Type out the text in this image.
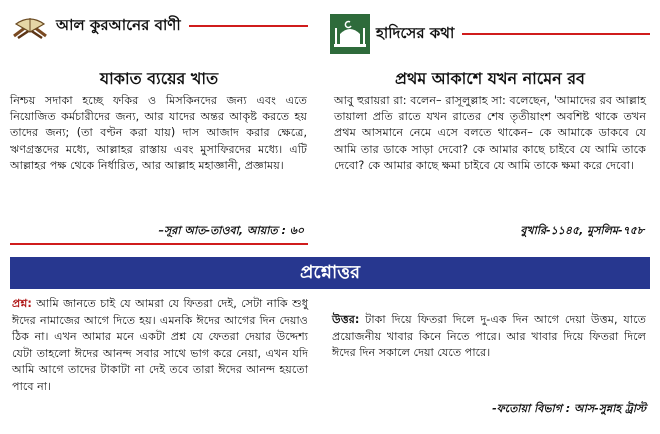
আল কুরআনের বাণী
যাকাত ব্যয়ের খাত
নিশ্চয় সদাকা হচ্ছে ফকির ও মিসকিনদের জন্য এবং এতে নিয়োজিত কর্মচারীদের জন্য, আর যাদের অন্তর আকৃষ্ট করতে হয় তাদের জন্য; (তা বণ্টন করা যায়) দাস আজাদ করার ক্ষেত্রে, ঋণগ্রস্তদের মধ্যে, আল্লাহর রাস্তায় এবং মুসাফিরদের মধ্যে। এটি আল্লাহর পক্ষ থেকে নির্ধারিত, আর আল্লাহ মহাজ্ঞানী, প্রজ্ঞাময়।
–সূরা আত-তাওবা, আয়াত : ৬০
হাদিসের কথা
প্রথম আকাশে যখন নামেন রব
আবু হুরায়রা রা: বলেন– রাসূলুল্লাহ সা: বলেছেন, 'আমাদের রব আল্লাহ তায়ালা প্রতি রাতে যখন রাতের শেষ তৃতীয়াংশ অবশিষ্ট থাকে তখন প্রথম আসমানে নেমে এসে বলতে থাকেন– কে আমাকে ডাকবে যে আমি তার ডাকে সাড়া দেবো? কে আমার কাছে চাইবে যে আমি তাকে দেবো? কে আমার কাছে ক্ষমা চাইবে যে আমি তাকে ক্ষমা করে দেবো।
বুখারি-১১৪৫, মুসলিম-৭৫৮
প্রশ্নোত্তর
প্রশ্ন: আমি জানতে চাই যে আমরা যে ফিতরা দেই, সেটা নাকি শুধু ঈদের নামাজের আগে দিতে হয়। এমনকি ঈদের আগের দিন দেয়াও ঠিক না। এখন আমার মনে একটা প্রশ্ন যে ফেতরা দেয়ার উদ্দেশ্য যেটা তাহলো ঈদের আনন্দ সবার সাথে ভাগ করে নেয়া, এখন যদি আমি আগে তাদের টাকাটা না দেই তবে তারা ঈদের আনন্দ হয়তো পাবে না।
উত্তর: টাকা দিয়ে ফিতরা দিলে দু-এক দিন আগে দেয়া উত্তম, যাতে প্রয়োজনীয় খাবার কিনে নিতে পারে। আর খাবার দিয়ে ফিতরা দিলে ঈদের দিন সকালে দেয়া যেতে পারে।
-ফতোয়া বিভাগ : আস-সুন্নাহ ট্রাস্ট
